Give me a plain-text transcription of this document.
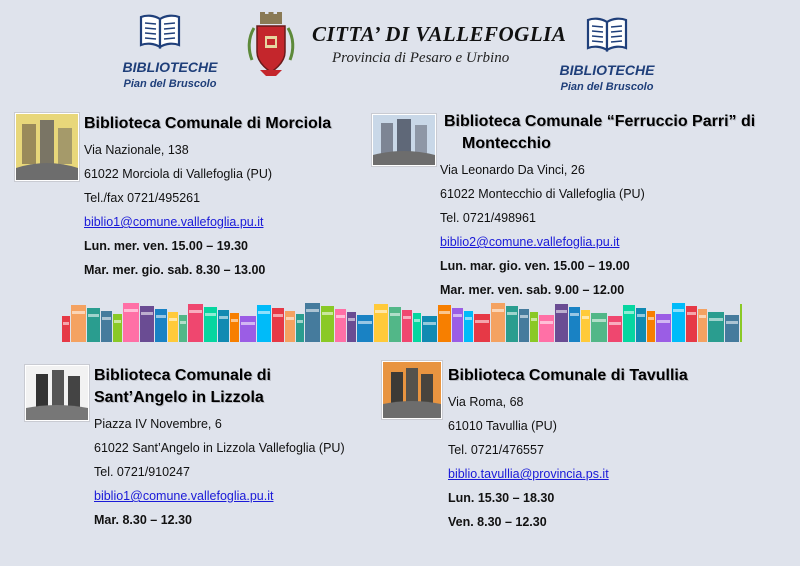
BIBLIOTECHE
Pian del Bruscolo
CITTA’ DI VALLEFOGLIA
Provincia di Pesaro e Urbino
BIBLIOTECHE
Pian del Bruscolo
Biblioteca Comunale di Morciola
Via Nazionale, 138
61022 Morciola di Vallefoglia (PU)
Tel./fax 0721/495261
biblio1@comune.vallefoglia.pu.it
Lun. mer. ven. 15.00 – 19.30
Mar. mer. gio. sab. 8.30 – 13.00
Biblioteca Comunale “Ferruccio Parri” di
Montecchio
Via Leonardo Da Vinci, 26
61022 Montecchio di Vallefoglia (PU)
Tel. 0721/498961
biblio2@comune.vallefoglia.pu.it
Lun. mar. gio. ven. 15.00 – 19.00
Mar. mer. ven. sab. 9.00 – 12.00
Biblioteca Comunale di
Sant’Angelo in Lizzola
Piazza IV Novembre, 6
61022 Sant’Angelo in Lizzola Vallefoglia (PU)
Tel. 0721/910247
biblio1@comune.vallefoglia.pu.it
Mar. 8.30 – 12.30
Biblioteca Comunale di Tavullia
Via Roma, 68
61010 Tavullia (PU)
Tel. 0721/476557
biblio.tavullia@provincia.ps.it
Lun. 15.30 – 18.30
Ven. 8.30 – 12.30
